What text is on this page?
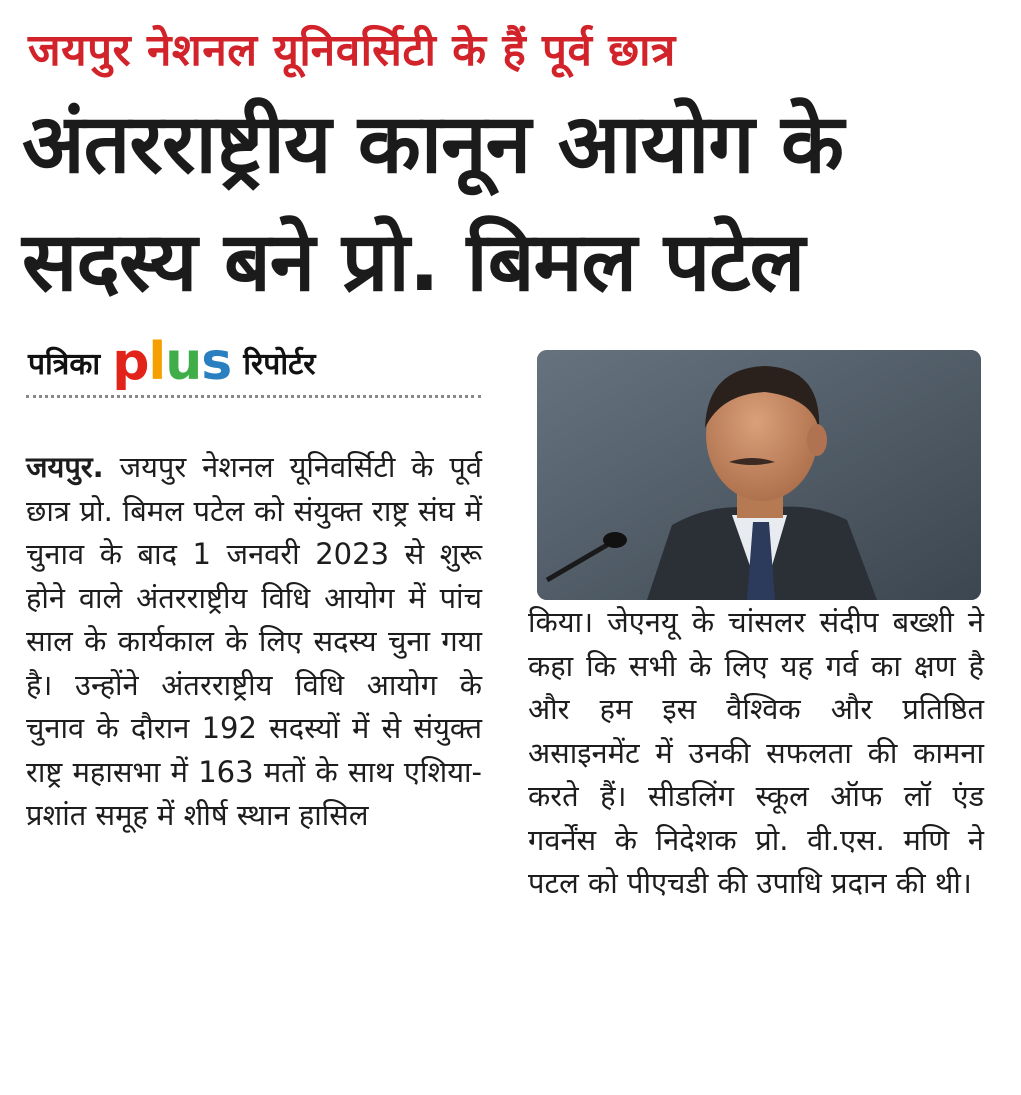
जयपुर नेशनल यूनिवर्सिटी के हैं पूर्व छात्र
अंतरराष्ट्रीय कानून आयोग के सदस्य बने प्रो. बिमल पटेल
पत्रिका plus रिपोर्टर
जयपुर. जयपुर नेशनल यूनिवर्सिटी के पूर्व छात्र प्रो. बिमल पटेल को संयुक्त राष्ट्र संघ में चुनाव के बाद 1 जनवरी 2023 से शुरू होने वाले अंतरराष्ट्रीय विधि आयोग में पांच साल के कार्यकाल के लिए सदस्य चुना गया है। उन्होंने अंतरराष्ट्रीय विधि आयोग के चुनाव के दौरान 192 सदस्यों में से संयुक्त राष्ट्र महासभा में 163 मतों के साथ एशिया-प्रशांत समूह में शीर्ष स्थान हासिल
किया। जेएनयू के चांसलर संदीप बख्शी ने कहा कि सभी के लिए यह गर्व का क्षण है और हम इस वैश्विक और प्रतिष्ठित असाइनमेंट में उनकी सफलता की कामना करते हैं। सीडलिंग स्कूल ऑफ लॉ एंड गवर्नेंस के निदेशक प्रो. वी.एस. मणि ने पटल को पीएचडी की उपाधि प्रदान की थी।
